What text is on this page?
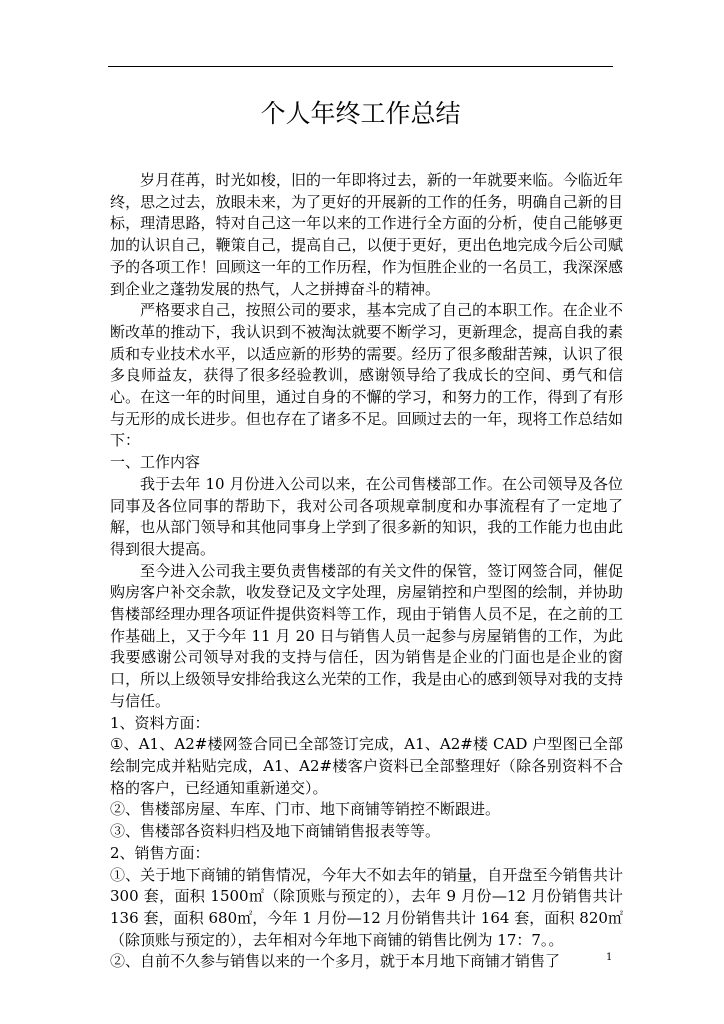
个人年终工作总结

岁月荏苒，时光如梭，旧的一年即将过去，新的一年就要来临。今临近年终，思之过去，放眼未来，为了更好的开展新的工作的任务，明确自己新的目标，理清思路，特对自己这一年以来的工作进行全方面的分析，使自己能够更加的认识自己，鞭策自己，提高自己，以便于更好，更出色地完成今后公司赋予的各项工作！回顾这一年的工作历程，作为恒胜企业的一名员工，我深深感到企业之蓬勃发展的热气，人之拼搏奋斗的精神。

严格要求自己，按照公司的要求，基本完成了自己的本职工作。在企业不断改革的推动下，我认识到不被淘汰就要不断学习，更新理念，提高自我的素质和专业技术水平，以适应新的形势的需要。经历了很多酸甜苦辣，认识了很多良师益友，获得了很多经验教训，感谢领导给了我成长的空间、勇气和信心。在这一年的时间里，通过自身的不懈的学习，和努力的工作，得到了有形与无形的成长进步。但也存在了诸多不足。回顾过去的一年，现将工作总结如下：

一、工作内容

我于去年 10 月份进入公司以来，在公司售楼部工作。在公司领导及各位同事及各位同事的帮助下，我对公司各项规章制度和办事流程有了一定地了解，也从部门领导和其他同事身上学到了很多新的知识，我的工作能力也由此得到很大提高。

至今进入公司我主要负责售楼部的有关文件的保管，签订网签合同，催促购房客户补交余款，收发登记及文字处理，房屋销控和户型图的绘制，并协助售楼部经理办理各项证件提供资料等工作，现由于销售人员不足，在之前的工作基础上，又于今年 11 月 20 日与销售人员一起参与房屋销售的工作，为此我要感谢公司领导对我的支持与信任，因为销售是企业的门面也是企业的窗口，所以上级领导安排给我这么光荣的工作，我是由心的感到领导对我的支持与信任。

1、资料方面：

①、A1、A2#楼网签合同已全部签订完成，A1、A2#楼 CAD 户型图已全部绘制完成并粘贴完成，A1、A2#楼客户资料已全部整理好（除各别资料不合格的客户，已经通知重新递交）。

②、售楼部房屋、车库、门市、地下商铺等销控不断跟进。

③、售楼部各资料归档及地下商铺销售报表等等。

2、销售方面：

①、关于地下商铺的销售情况，今年大不如去年的销量，自开盘至今销售共计 300 套，面积 1500㎡（除顶账与预定的），去年 9 月份—12 月份销售共计 136 套，面积 680㎡，今年 1 月份—12 月份销售共计 164 套，面积 820㎡（除顶账与预定的），去年相对今年地下商铺的销售比例为 17：7。。

②、自前不久参与销售以来的一个多月，就于本月地下商铺才销售了	1
